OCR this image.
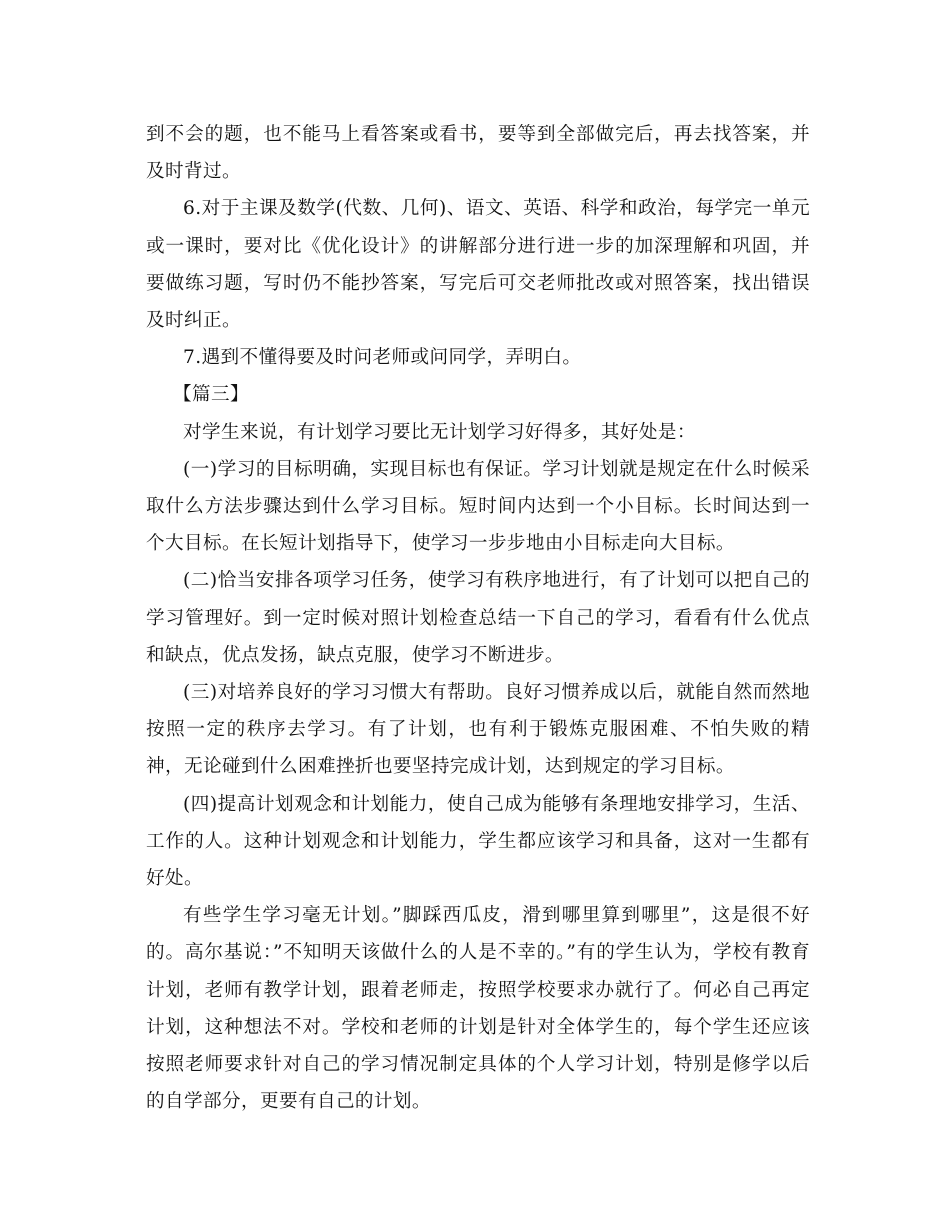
到不会的题，也不能马上看答案或看书，要等到全部做完后，再去找答案，并及时背过。

6.对于主课及数学(代数、几何)、语文、英语、科学和政治，每学完一单元或一课时，要对比《优化设计》的讲解部分进行进一步的加深理解和巩固，并要做练习题，写时仍不能抄答案，写完后可交老师批改或对照答案，找出错误及时纠正。

7.遇到不懂得要及时问老师或问同学，弄明白。

【篇三】

对学生来说，有计划学习要比无计划学习好得多，其好处是：

(一)学习的目标明确，实现目标也有保证。学习计划就是规定在什么时候采取什么方法步骤达到什么学习目标。短时间内达到一个小目标。长时间达到一个大目标。在长短计划指导下，使学习一步步地由小目标走向大目标。

(二)恰当安排各项学习任务，使学习有秩序地进行，有了计划可以把自己的学习管理好。到一定时候对照计划检查总结一下自己的学习，看看有什么优点和缺点，优点发扬，缺点克服，使学习不断进步。

(三)对培养良好的学习习惯大有帮助。良好习惯养成以后，就能自然而然地按照一定的秩序去学习。有了计划，也有利于锻炼克服困难、不怕失败的精神，无论碰到什么困难挫折也要坚持完成计划，达到规定的学习目标。

(四)提高计划观念和计划能力，使自己成为能够有条理地安排学习，生活、工作的人。这种计划观念和计划能力，学生都应该学习和具备，这对一生都有好处。

有些学生学习毫无计划。”脚踩西瓜皮，滑到哪里算到哪里”，这是很不好的。高尔基说：”不知明天该做什么的人是不幸的。”有的学生认为，学校有教育计划，老师有教学计划，跟着老师走，按照学校要求办就行了。何必自己再定计划，这种想法不对。学校和老师的计划是针对全体学生的，每个学生还应该按照老师要求针对自己的学习情况制定具体的个人学习计划，特别是修学以后的自学部分，更要有自己的计划。
